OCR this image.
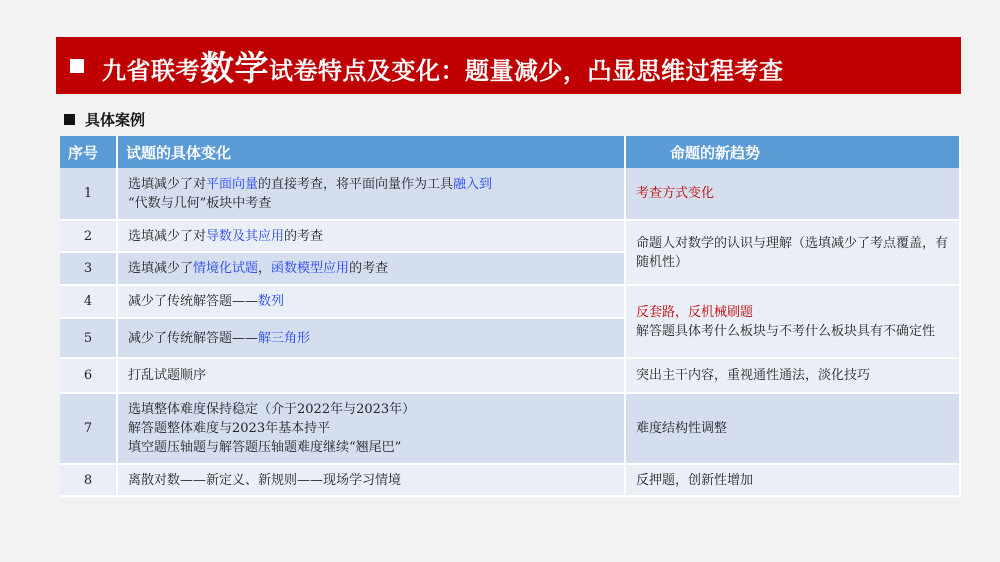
九省联考数学试卷特点及变化：题量减少，凸显思维过程考查
具体案例
序号	试题的具体变化	命题的新趋势
1	选填减少了对平面向量的直接考查，将平面向量作为工具融入到
“代数与几何”板块中考查	考查方式变化
2	选填减少了对导数及其应用的考查	命题人对数学的认识与理解（选填减少了考点覆盖，有随机性）
3	选填减少了情境化试题，函数模型应用的考查	
4	减少了传统解答题——数列	反套路，反机械刷题
解答题具体考什么板块与不考什么板块具有不确定性
5	减少了传统解答题——解三角形	
6	打乱试题顺序	突出主干内容，重视通性通法，淡化技巧
7	选填整体难度保持稳定（介于2022年与2023年）
解答题整体难度与2023年基本持平
填空题压轴题与解答题压轴题难度继续“翘尾巴”	难度结构性调整
8	离散对数——新定义、新规则——现场学习情境	反押题，创新性增加
